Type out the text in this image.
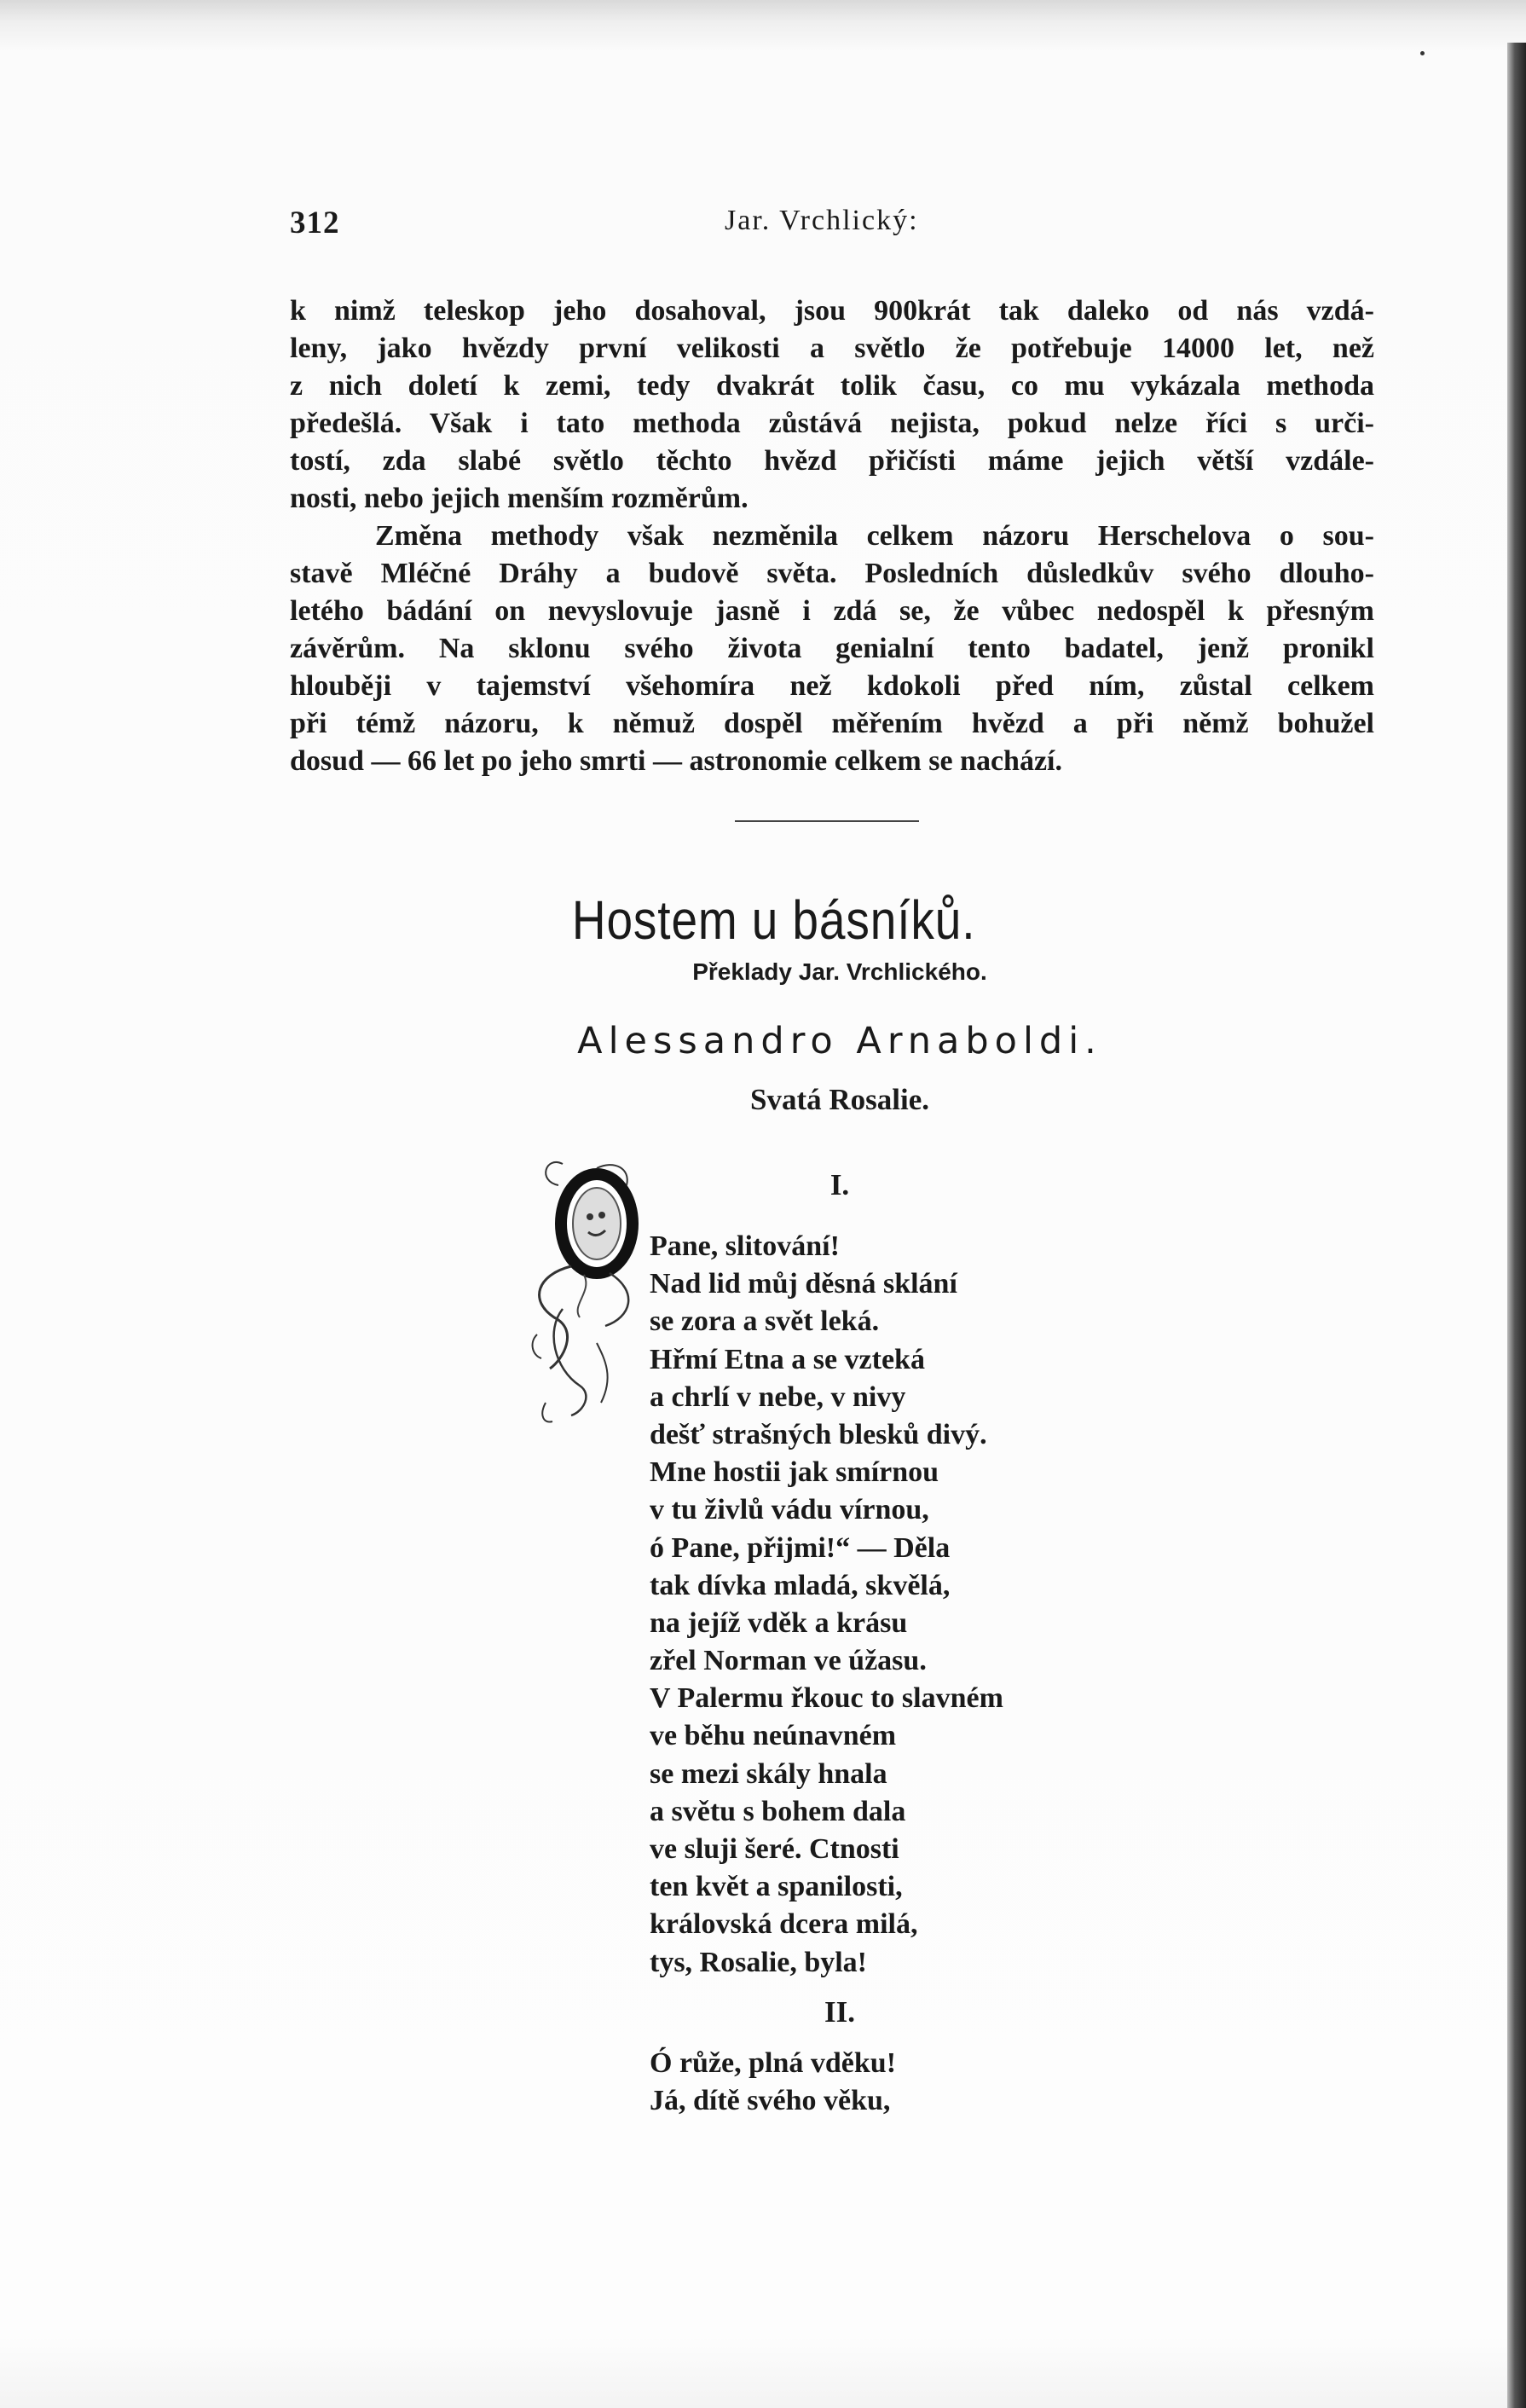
312	Jar. Vrchlický:
k nimž teleskop jeho dosahoval, jsou 900krát tak daleko od nás vzdá-
leny, jako hvězdy první velikosti a světlo že potřebuje 14000 let, než
z nich doletí k zemi, tedy dvakrát tolik času, co mu vykázala methoda
předešlá. Však i tato methoda zůstává nejista, pokud nelze říci s urči-
tostí, zda slabé světlo těchto hvězd přičísti máme jejich větší vzdále-
nosti, nebo jejich menším rozměrům.
Změna methody však nezměnila celkem názoru Herschelova o sou-
stavě Mléčné Dráhy a budově světa. Posledních důsledkův svého dlouho-
letého bádání on nevyslovuje jasně i zdá se, že vůbec nedospěl k přesným
závěrům. Na sklonu svého života genialní tento badatel, jenž pronikl
hlouběji v tajemství všehomíra než kdokoli před ním, zůstal celkem
při témž názoru, k němuž dospěl měřením hvězd a při němž bohužel
dosud — 66 let po jeho smrti — astronomie celkem se nachází.
Hostem u básníků.
Překlady Jar. Vrchlického.
Alessandro Arnaboldi.
Svatá Rosalie.
I.
Pane, slitování!
Nad lid můj děsná sklání
se zora a svět leká.
Hřmí Etna a se vzteká
a chrlí v nebe, v nivy
dešť strašných blesků divý.
Mne hostii jak smírnou
v tu živlů vádu vírnou,
ó Pane, přijmi!“ — Děla
tak dívka mladá, skvělá,
na jejíž vděk a krásu
zřel Norman ve úžasu.
V Palermu řkouc to slavném
ve běhu neúnavném
se mezi skály hnala
a světu s bohem dala
ve sluji šeré. Ctnosti
ten květ a spanilosti,
královská dcera milá,
tys, Rosalie, byla!
II.
Ó růže, plná vděku!
Já, dítě svého věku,
